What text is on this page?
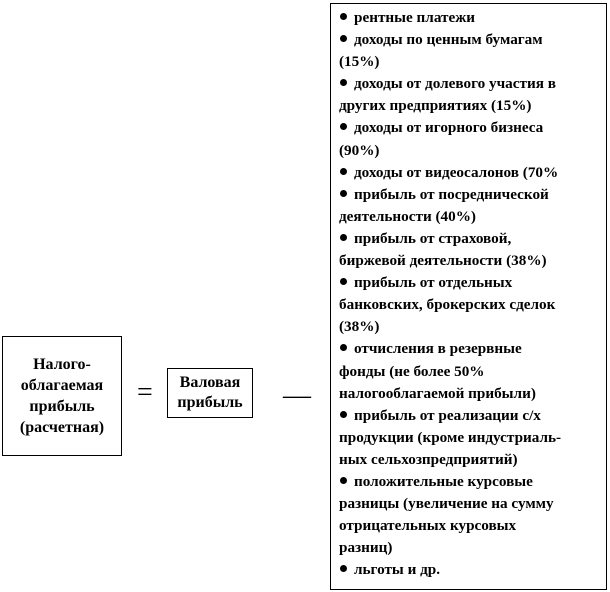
Налого-
облагаемая
прибыль
(расчетная)
= Валовая
прибыль —
рентные платежи
доходы по ценным бумагам
(15%)
доходы от долевого участия в
других предприятиях (15%)
доходы от игорного бизнеса
(90%)
доходы от видеосалонов (70%
прибыль от посреднической
деятельности (40%)
прибыль от страховой,
биржевой деятельности (38%)
прибыль от отдельных
банковских, брокерских сделок
(38%)
отчисления в резервные
фонды (не более 50%
налогооблагаемой прибыли)
прибыль от реализации с/х
продукции (кроме индустриаль-
ных сельхозпредприятий)
положительные курсовые
разницы (увеличение на сумму
отрицательных курсовых
разниц)
льготы и др.
